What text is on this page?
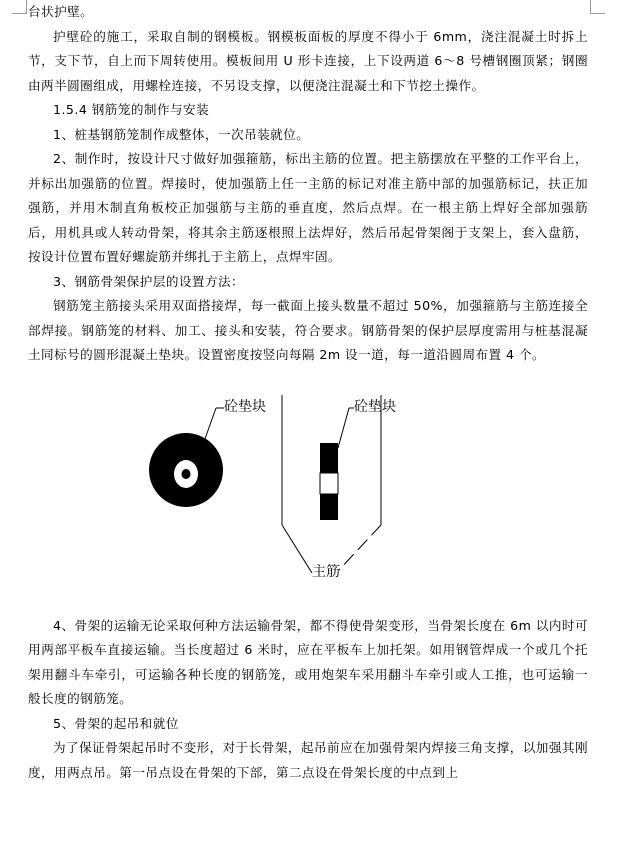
台状护壁。

护壁砼的施工，采取自制的钢模板。钢模板面板的厚度不得小于 6mm，浇注混凝土时拆上节，支下节，自上而下周转使用。模板间用 U 形卡连接，上下设两道 6～8 号槽钢圈顶紧；钢圈由两半圆圈组成，用螺栓连接，不另设支撑，以便浇注混凝土和下节挖土操作。

1.5.4 钢筋笼的制作与安装

1、桩基钢筋笼制作成整体，一次吊装就位。

2、制作时，按设计尺寸做好加强箍筋，标出主筋的位置。把主筋摆放在平整的工作平台上，并标出加强筋的位置。焊接时，使加强筋上任一主筋的标记对准主筋中部的加强筋标记，扶正加强筋，并用木制直角板校正加强筋与主筋的垂直度，然后点焊。在一根主筋上焊好全部加强筋后，用机具或人转动骨架，将其余主筋逐根照上法焊好，然后吊起骨架阁于支架上，套入盘筋，按设计位置布置好螺旋筋并绑扎于主筋上，点焊牢固。

3、钢筋骨架保护层的设置方法：

钢筋笼主筋接头采用双面搭接焊，每一截面上接头数量不超过 50%，加强箍筋与主筋连接全部焊接。钢筋笼的材料、加工、接头和安装，符合要求。钢筋骨架的保护层厚度需用与桩基混凝土同标号的圆形混凝土垫块。设置密度按竖向每隔 2m 设一道，每一道沿圆周布置 4 个。

砼垫块	砼垫块
主筋

4、骨架的运输无论采取何种方法运输骨架，都不得使骨架变形，当骨架长度在 6m 以内时可用两部平板车直接运输。当长度超过 6 米时，应在平板车上加托架。如用钢管焊成一个或几个托架用翻斗车牵引，可运输各种长度的钢筋笼，或用炮架车采用翻斗车牵引或人工推，也可运输一般长度的钢筋笼。

5、骨架的起吊和就位

为了保证骨架起吊时不变形，对于长骨架，起吊前应在加强骨架内焊接三角支撑，以加强其刚度，用两点吊。第一吊点设在骨架的下部，第二点设在骨架长度的中点到上
